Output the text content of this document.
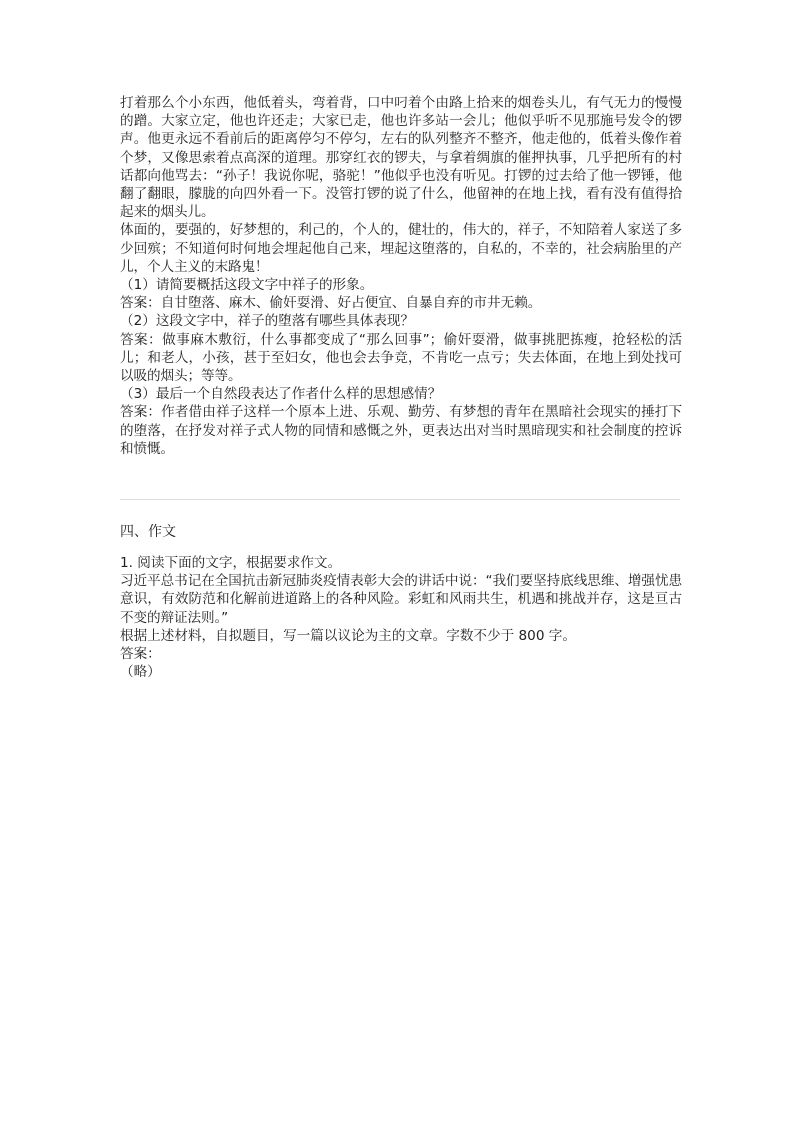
打着那么个小东西，他低着头，弯着背，口中叼着个由路上拾来的烟卷头儿，有气无力的慢慢的蹭。大家立定，他也许还走；大家已走，他也许多站一会儿；他似乎听不见那施号发令的锣声。他更永远不看前后的距离停匀不停匀，左右的队列整齐不整齐，他走他的，低着头像作着个梦，又像思索着点高深的道理。那穿红衣的锣夫，与拿着绸旗的催押执事，几乎把所有的村话都向他骂去：“孙子！我说你呢，骆驼！”他似乎也没有听见。打锣的过去给了他一锣锤，他翻了翻眼，朦胧的向四外看一下。没管打锣的说了什么，他留神的在地上找，看有没有值得拾起来的烟头儿。

体面的，要强的，好梦想的，利己的，个人的，健壮的，伟大的，祥子，不知陪着人家送了多少回殡；不知道何时何地会埋起他自己来，埋起这堕落的，自私的，不幸的，社会病胎里的产儿，个人主义的末路鬼！

（1）请简要概括这段文字中祥子的形象。

答案：自甘堕落、麻木、偷奸耍滑、好占便宜、自暴自弃的市井无赖。

（2）这段文字中，祥子的堕落有哪些具体表现？

答案：做事麻木敷衍，什么事都变成了“那么回事”；偷奸耍滑，做事挑肥拣瘦，抢轻松的活儿；和老人，小孩，甚于至妇女，他也会去争竞，不肯吃一点亏；失去体面，在地上到处找可以吸的烟头；等等。

（3）最后一个自然段表达了作者什么样的思想感情？

答案：作者借由祥子这样一个原本上进、乐观、勤劳、有梦想的青年在黑暗社会现实的捶打下的堕落，在抒发对祥子式人物的同情和感慨之外，更表达出对当时黑暗现实和社会制度的控诉和愤慨。

四、作文

1. 阅读下面的文字，根据要求作文。

习近平总书记在全国抗击新冠肺炎疫情表彰大会的讲话中说：“我们要坚持底线思维、增强忧患意识，有效防范和化解前进道路上的各种风险。彩虹和风雨共生，机遇和挑战并存，这是亘古不变的辩证法则。”

根据上述材料，自拟题目，写一篇以议论为主的文章。字数不少于 800 字。

答案：

（略）
